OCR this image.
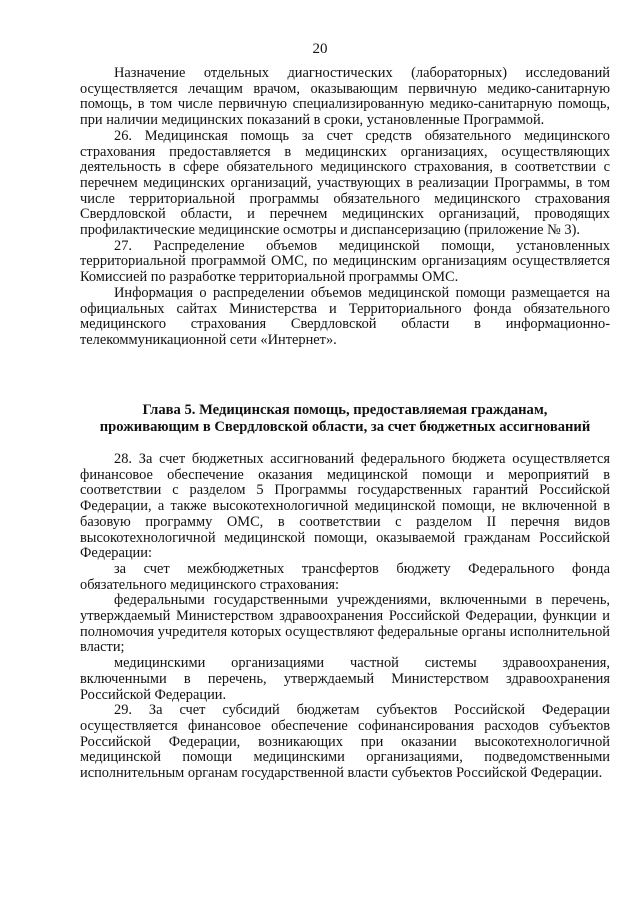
20

Назначение отдельных диагностических (лабораторных) исследований осуществляется лечащим врачом, оказывающим первичную медико-санитарную помощь, в том числе первичную специализированную медико-санитарную помощь, при наличии медицинских показаний в сроки, установленные Программой.

26. Медицинская помощь за счет средств обязательного медицинского страхования предоставляется в медицинских организациях, осуществляющих деятельность в сфере обязательного медицинского страхования, в соответствии с перечнем медицинских организаций, участвующих в реализации Программы, в том числе территориальной программы обязательного медицинского страхования Свердловской области, и перечнем медицинских организаций, проводящих профилактические медицинские осмотры и диспансеризацию (приложение № 3).

27. Распределение объемов медицинской помощи, установленных территориальной программой ОМС, по медицинским организациям осуществляется Комиссией по разработке территориальной программы ОМС.

Информация о распределении объемов медицинской помощи размещается на официальных сайтах Министерства и Территориального фонда обязательного медицинского страхования Свердловской области в информационно-телекоммуникационной сети «Интернет».

Глава 5. Медицинская помощь, предоставляемая гражданам,
проживающим в Свердловской области, за счет бюджетных ассигнований

28. За счет бюджетных ассигнований федерального бюджета осуществляется финансовое обеспечение оказания медицинской помощи и мероприятий в соответствии с разделом 5 Программы государственных гарантий Российской Федерации, а также высокотехнологичной медицинской помощи, не включенной в базовую программу ОМС, в соответствии с разделом II перечня видов высокотехнологичной медицинской помощи, оказываемой гражданам Российской Федерации:

за счет межбюджетных трансфертов бюджету Федерального фонда обязательного медицинского страхования:

федеральными государственными учреждениями, включенными в перечень, утверждаемый Министерством здравоохранения Российской Федерации, функции и полномочия учредителя которых осуществляют федеральные органы исполнительной власти;

медицинскими организациями частной системы здравоохранения, включенными в перечень, утверждаемый Министерством здравоохранения Российской Федерации.

29. За счет субсидий бюджетам субъектов Российской Федерации осуществляется финансовое обеспечение софинансирования расходов субъектов Российской Федерации, возникающих при оказании высокотехнологичной медицинской помощи медицинскими организациями, подведомственными исполнительным органам государственной власти субъектов Российской Федерации.
